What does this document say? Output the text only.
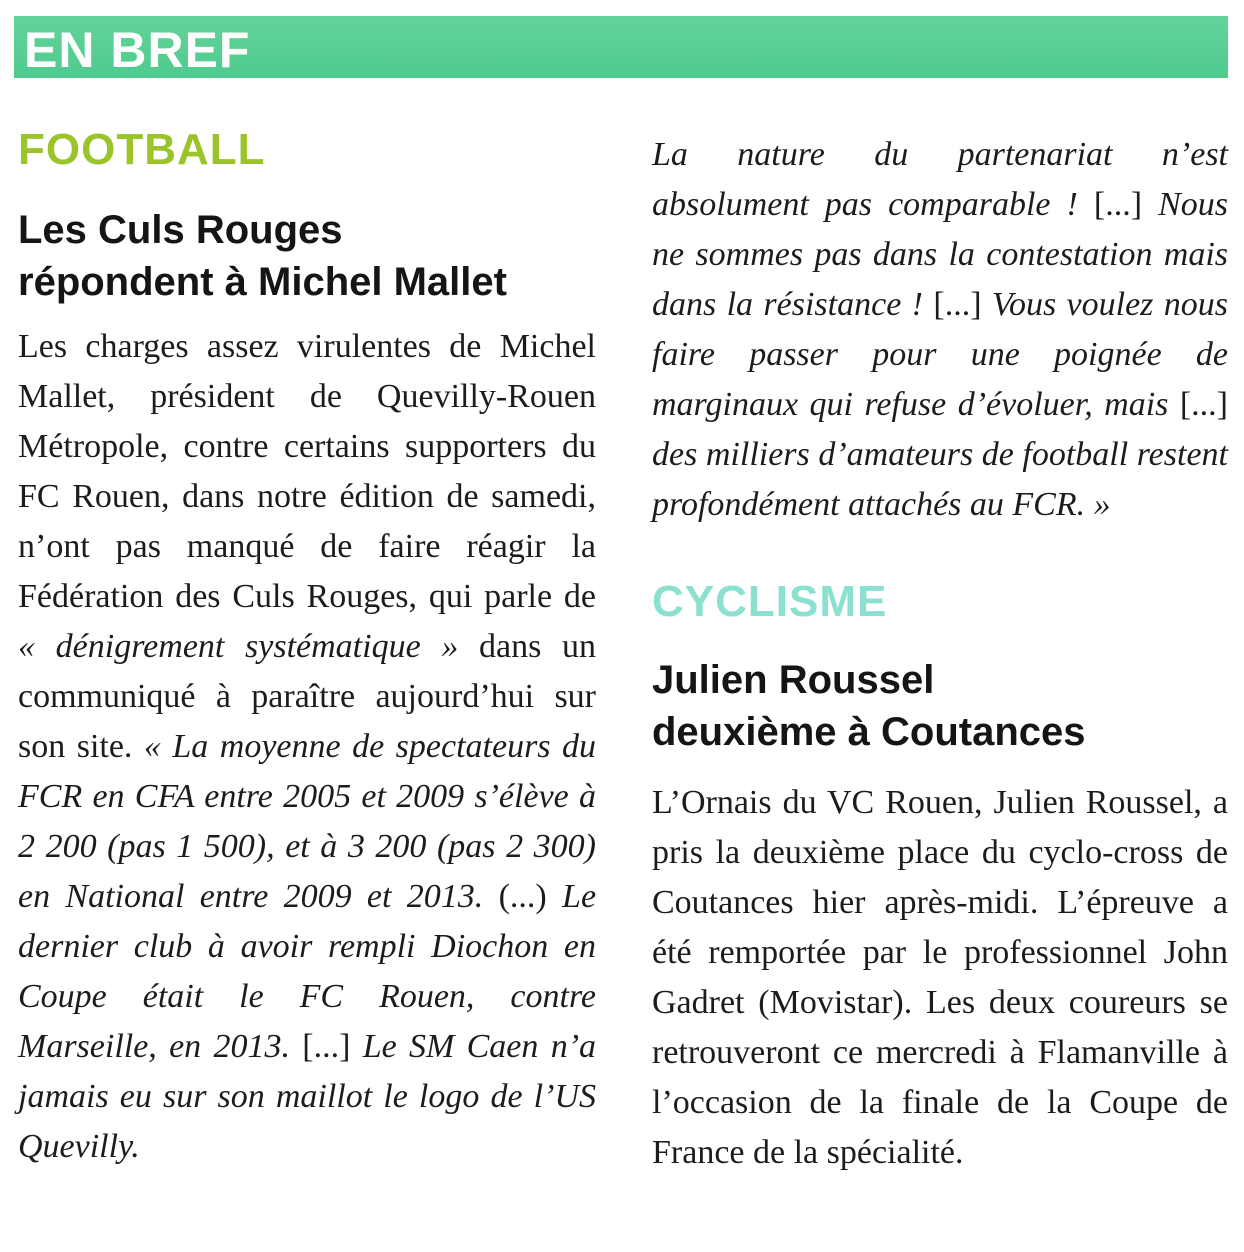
EN BREF
FOOTBALL
Les Culs Rouges
répondent à Michel Mallet

Les charges assez virulentes de Michel Mallet, président de Quevilly-Rouen Métropole, contre certains supporters du FC Rouen, dans notre édition de samedi, n’ont pas manqué de faire réagir la Fédération des Culs Rouges, qui parle de « dénigrement systématique » dans un communiqué à paraître aujourd’hui sur son site. « La moyenne de spectateurs du FCR en CFA entre 2005 et 2009 s’élève à 2 200 (pas 1 500), et à 3 200 (pas 2 300) en National entre 2009 et 2013. (...) Le dernier club à avoir rempli Diochon en Coupe était le FC Rouen, contre Marseille, en 2013. [...] Le SM Caen n’a jamais eu sur son maillot le logo de l’US Quevilly.

La nature du partenariat n’est absolument pas comparable ! [...] Nous ne sommes pas dans la contestation mais dans la résistance ! [...] Vous voulez nous faire passer pour une poignée de marginaux qui refuse d’évoluer, mais [...] des milliers d’amateurs de football restent profondément attachés au FCR. »

CYCLISME
Julien Roussel
deuxième à Coutances

L’Ornais du VC Rouen, Julien Roussel, a pris la deuxième place du cyclo-cross de Coutances hier après-midi. L’épreuve a été remportée par le professionnel John Gadret (Movistar). Les deux coureurs se retrouveront ce mercredi à Flamanville à l’occasion de la finale de la Coupe de France de la spécialité.
